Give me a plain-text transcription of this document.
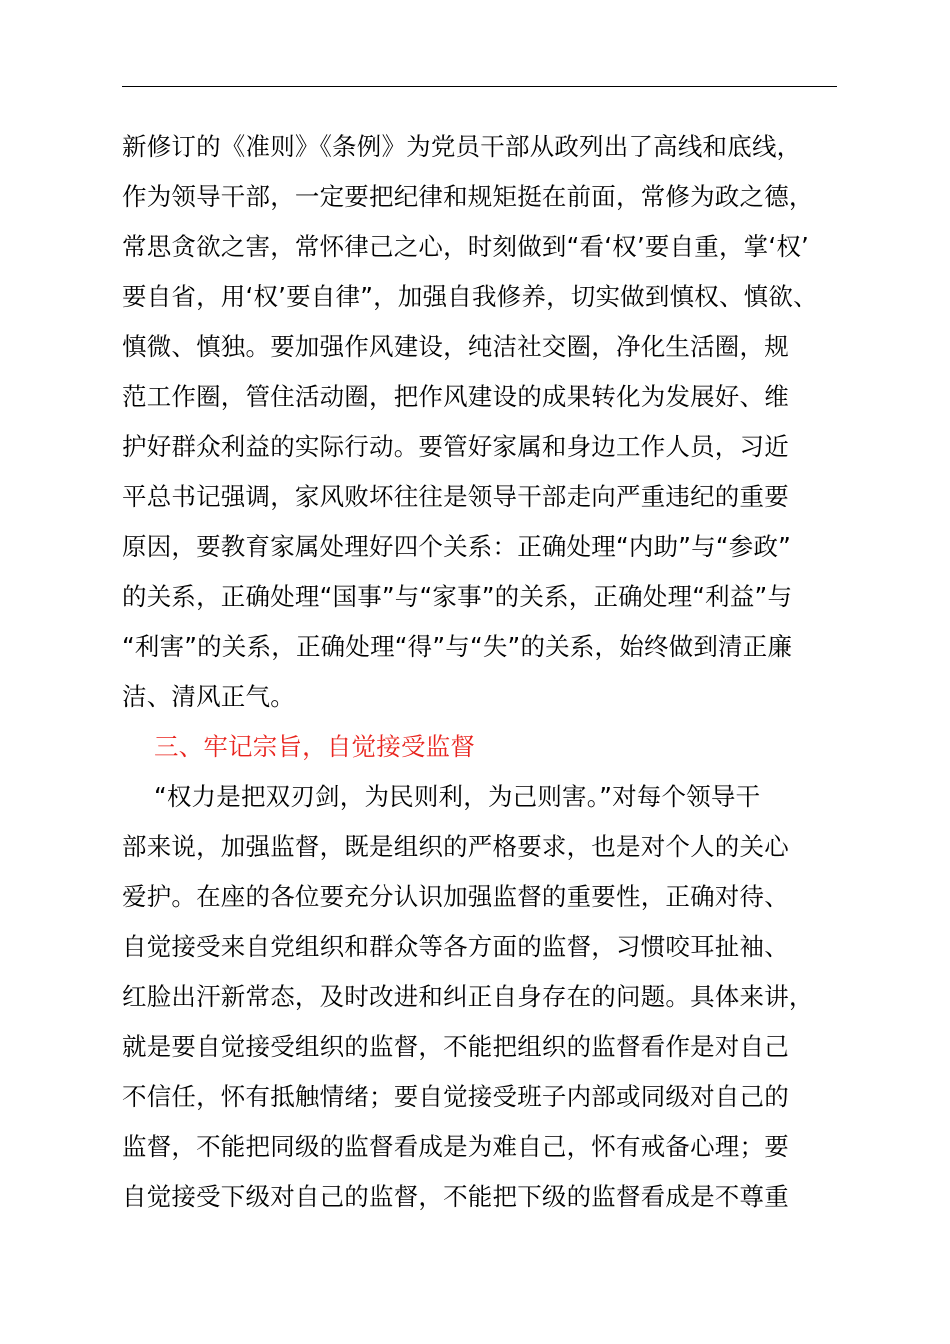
新修订的《准则》《条例》为党员干部从政列出了高线和底线，
作为领导干部，一定要把纪律和规矩挺在前面，常修为政之德，
常思贪欲之害，常怀律己之心，时刻做到“看‘权’要自重，掌‘权’
要自省，用‘权’要自律”，加强自我修养，切实做到慎权、慎欲、
慎微、慎独。要加强作风建设，纯洁社交圈，净化生活圈，规
范工作圈，管住活动圈，把作风建设的成果转化为发展好、维
护好群众利益的实际行动。要管好家属和身边工作人员，习近
平总书记强调，家风败坏往往是领导干部走向严重违纪的重要
原因，要教育家属处理好四个关系：正确处理“内助”与“参政”
的关系，正确处理“国事”与“家事”的关系，正确处理“利益”与
“利害”的关系，正确处理“得”与“失”的关系，始终做到清正廉
洁、清风正气。
三、牢记宗旨，自觉接受监督
“权力是把双刃剑，为民则利，为己则害。”对每个领导干
部来说，加强监督，既是组织的严格要求，也是对个人的关心
爱护。在座的各位要充分认识加强监督的重要性，正确对待、
自觉接受来自党组织和群众等各方面的监督，习惯咬耳扯袖、
红脸出汗新常态，及时改进和纠正自身存在的问题。具体来讲，
就是要自觉接受组织的监督，不能把组织的监督看作是对自己
不信任，怀有抵触情绪；要自觉接受班子内部或同级对自己的
监督，不能把同级的监督看成是为难自己，怀有戒备心理；要
自觉接受下级对自己的监督，不能把下级的监督看成是不尊重
